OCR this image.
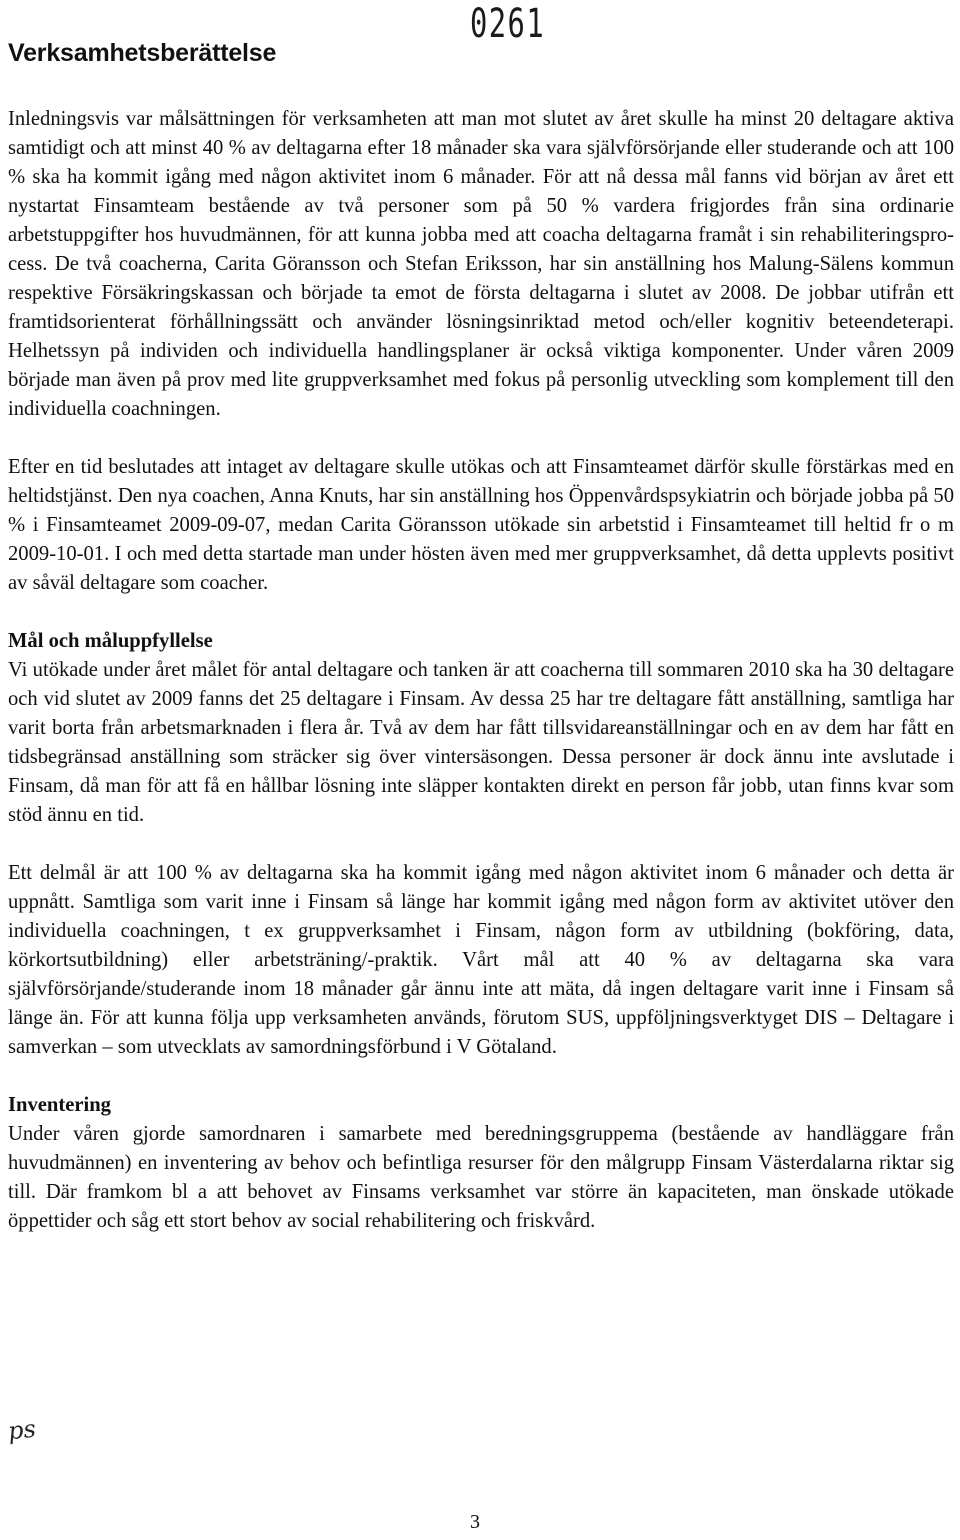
0261
Verksamhetsberättelse

Inledningsvis var målsättningen för verksamheten att man mot slutet av året skulle ha minst 20 deltagare aktiva samtidigt och att minst 40 % av deltagarna efter 18 månader ska vara självförsörjande eller studerande och att 100 % ska ha kommit igång med någon aktivitet inom 6 månader. För att nå dessa mål fanns vid början av året ett nystartat Finsamteam bestående av två personer som på 50 % vardera frigjordes från sina ordinarie arbetstuppgifter hos huvudmännen, för att kunna jobba med att coacha deltagarna framåt i sin rehabiliteringsprocess. De två coacherna, Carita Göransson och Stefan Eriksson, har sin anställning hos Malung-Sälens kommun respektive Försäkringskassan och började ta emot de första deltagarna i slutet av 2008. De jobbar utifrån ett framtidsorienterat förhållningssätt och använder lösningsinriktad metod och/eller kognitiv beteendeterapi. Helhetssyn på individen och individuella handlingsplaner är också viktiga komponenter. Under våren 2009 började man även på prov med lite gruppverksamhet med fokus på personlig utveckling som komplement till den individuella coachningen.

Efter en tid beslutades att intaget av deltagare skulle utökas och att Finsamteamet därför skulle förstärkas med en heltidstjänst. Den nya coachen, Anna Knuts, har sin anställning hos Öppenvårdspsykiatrin och började jobba på 50 % i Finsamteamet 2009-09-07, medan Carita Göransson utökade sin arbetstid i Finsamteamet till heltid fr o m 2009-10-01. I och med detta startade man under hösten även med mer gruppverksamhet, då detta upplevts positivt av såväl deltagare som coacher.

Mål och måluppfyllelse

Vi utökade under året målet för antal deltagare och tanken är att coacherna till sommaren 2010 ska ha 30 deltagare och vid slutet av 2009 fanns det 25 deltagare i Finsam. Av dessa 25 har tre deltagare fått anställning, samtliga har varit borta från arbetsmarknaden i flera år. Två av dem har fått tillsvidareanställningar och en av dem har fått en tidsbegränsad anställning som sträcker sig över vintersäsongen. Dessa personer är dock ännu inte avslutade i Finsam, då man för att få en hållbar lösning inte släpper kontakten direkt en person får jobb, utan finns kvar som stöd ännu en tid.

Ett delmål är att 100 % av deltagarna ska ha kommit igång med någon aktivitet inom 6 månader och detta är uppnått. Samtliga som varit inne i Finsam så länge har kommit igång med någon form av aktivitet utöver den individuella coachningen, t ex gruppverksamhet i Finsam, någon form av utbildning (bokföring, data, körkortsutbildning) eller arbetsträning/-praktik. Vårt mål att 40 % av deltagarna ska vara självförsörjande/studerande inom 18 månader går ännu inte att mäta, då ingen deltagare varit inne i Finsam så länge än. För att kunna följa upp verksamheten används, förutom SUS, uppföljningsverktyget DIS – Deltagare i samverkan – som utvecklats av samordningsförbund i V Götaland.

Inventering

Under våren gjorde samordnaren i samarbete med beredningsgruppema (bestående av handläggare från huvudmännen) en inventering av behov och befintliga resurser för den målgrupp Finsam Västerdalarna riktar sig till. Där framkom bl a att behovet av Finsams verksamhet var större än kapaciteten, man önskade utökade öppettider och såg ett stort behov av social rehabilitering och friskvård.

ps
3
